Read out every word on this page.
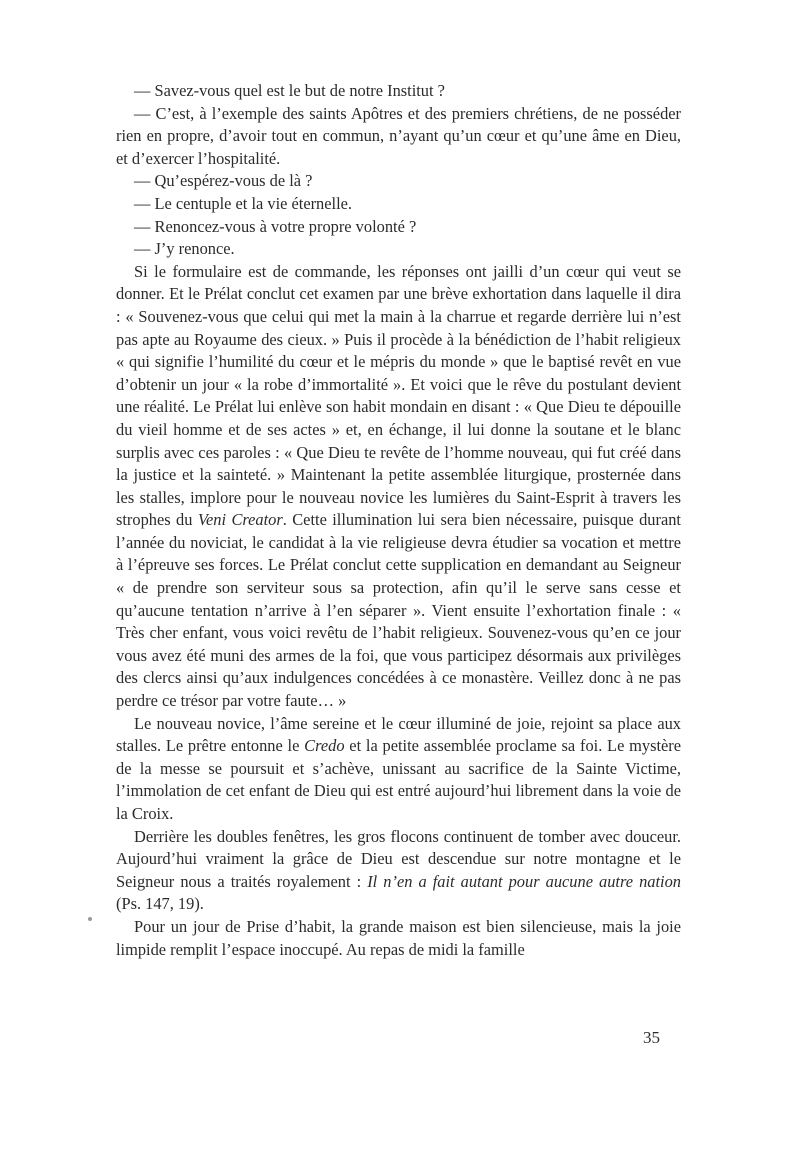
— Savez-vous quel est le but de notre Institut ?

— C’est, à l’exemple des saints Apôtres et des premiers chrétiens, de ne posséder rien en propre, d’avoir tout en commun, n’ayant qu’un cœur et qu’une âme en Dieu, et d’exercer l’hospitalité.

— Qu’espérez-vous de là ?

— Le centuple et la vie éternelle.

— Renoncez-vous à votre propre volonté ?

— J’y renonce.

Si le formulaire est de commande, les réponses ont jailli d’un cœur qui veut se donner. Et le Prélat conclut cet examen par une brève exhortation dans laquelle il dira : « Souvenez-vous que celui qui met la main à la charrue et regarde derrière lui n’est pas apte au Royaume des cieux. » Puis il procède à la bénédiction de l’habit religieux « qui signifie l’humilité du cœur et le mépris du monde » que le baptisé revêt en vue d’obtenir un jour « la robe d’immortalité ». Et voici que le rêve du postulant devient une réalité. Le Prélat lui enlève son habit mondain en disant : « Que Dieu te dépouille du vieil homme et de ses actes » et, en échange, il lui donne la soutane et le blanc surplis avec ces paroles : « Que Dieu te revête de l’homme nouveau, qui fut créé dans la justice et la sainteté. » Maintenant la petite assemblée liturgique, prosternée dans les stalles, implore pour le nouveau novice les lumières du Saint-Esprit à travers les strophes du Veni Creator. Cette illumination lui sera bien nécessaire, puisque durant l’année du noviciat, le candidat à la vie religieuse devra étudier sa vocation et mettre à l’épreuve ses forces. Le Prélat conclut cette supplication en demandant au Seigneur « de prendre son serviteur sous sa protection, afin qu’il le serve sans cesse et qu’aucune tentation n’arrive à l’en séparer ». Vient ensuite l’exhortation finale : « Très cher enfant, vous voici revêtu de l’habit religieux. Souvenez-vous qu’en ce jour vous avez été muni des armes de la foi, que vous participez désormais aux privilèges des clercs ainsi qu’aux indulgences concédées à ce monastère. Veillez donc à ne pas perdre ce trésor par votre faute… »

Le nouveau novice, l’âme sereine et le cœur illuminé de joie, rejoint sa place aux stalles. Le prêtre entonne le Credo et la petite assemblée proclame sa foi. Le mystère de la messe se poursuit et s’achève, unissant au sacrifice de la Sainte Victime, l’immolation de cet enfant de Dieu qui est entré aujourd’hui librement dans la voie de la Croix.

Derrière les doubles fenêtres, les gros flocons continuent de tomber avec douceur. Aujourd’hui vraiment la grâce de Dieu est descendue sur notre montagne et le Seigneur nous a traités royalement : Il n’en a fait autant pour aucune autre nation (Ps. 147, 19).

Pour un jour de Prise d’habit, la grande maison est bien silencieuse, mais la joie limpide remplit l’espace inoccupé. Au repas de midi la famille

35
